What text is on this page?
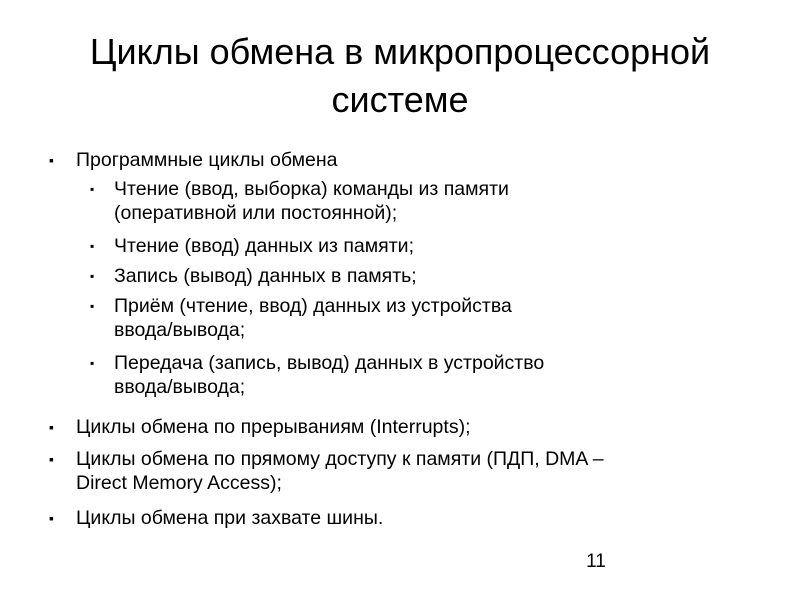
Циклы обмена в микропроцессорной
системе
▪ Программные циклы обмена
▪ Чтение (ввод, выборка) команды из памяти
(оперативной или постоянной);
▪ Чтение (ввод) данных из памяти;
▪ Запись (вывод) данных в память;
▪ Приём (чтение, ввод) данных из устройства
ввода/вывода;
▪ Передача (запись, вывод) данных в устройство
ввода/вывода;
▪ Циклы обмена по прерываниям (Interrupts);
▪ Циклы обмена по прямому доступу к памяти (ПДП, DMA –
Direct Memory Access);
▪ Циклы обмена при захвате шины.
11
